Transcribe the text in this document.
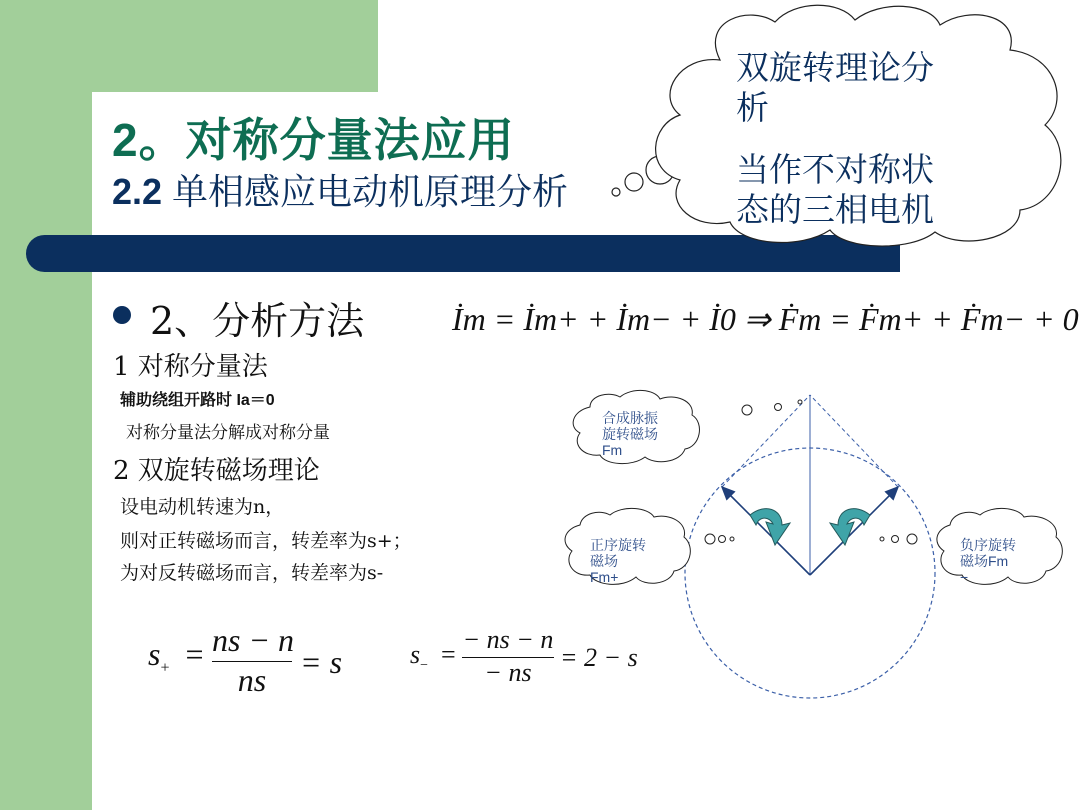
2。对称分量法应用
2.2 单相感应电动机原理分析
双旋转理论分
析
当作不对称状
态的三相电机
2、分析方法	İm = İm+ + İm− + İ0 ⇒ Ḟm = Ḟm+ + Ḟm− + 0
1 对称分量法
辅助绕组开路时 Ia＝0
对称分量法分解成对称分量
2 双旋转磁场理论
设电动机转速为n，
则对正转磁场而言，转差率为s+；
为对反转磁场而言，转差率为s-
合成脉振
旋转磁场
Fm
正序旋转
磁场
Fm+
负序旋转
磁场Fm
−
$s_+ = \frac{ns - n}{ns} = s$	$s_- = \frac{- ns - n}{- ns} = 2 - s$
